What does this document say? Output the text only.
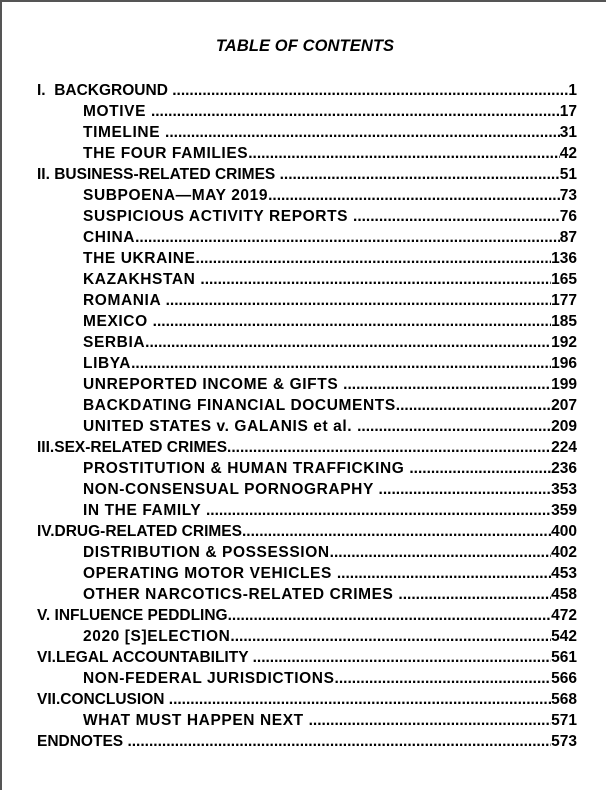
TABLE OF CONTENTS
I.  BACKGROUND .....	1
MOTIVE .....	17
TIMELINE .....	31
THE FOUR FAMILIES .....	42
II. BUSINESS-RELATED CRIMES .....	51
SUBPOENA—MAY 2019 .....	73
SUSPICIOUS ACTIVITY REPORTS .....	76
CHINA .....	87
THE UKRAINE .....	136
KAZAKHSTAN .....	165
ROMANIA .....	177
MEXICO .....	185
SERBIA .....	192
LIBYA .....	196
UNREPORTED INCOME & GIFTS .....	199
BACKDATING FINANCIAL DOCUMENTS .....	207
UNITED STATES v. GALANIS et al. .....	209
III.SEX-RELATED CRIMES .....	224
PROSTITUTION & HUMAN TRAFFICKING .....	236
NON-CONSENSUAL PORNOGRAPHY .....	353
IN THE FAMILY .....	359
IV.DRUG-RELATED CRIMES .....	400
DISTRIBUTION & POSSESSION .....	402
OPERATING MOTOR VEHICLES .....	453
OTHER NARCOTICS-RELATED CRIMES .....	458
V. INFLUENCE PEDDLING .....	472
2020 [S]ELECTION .....	542
VI.LEGAL ACCOUNTABILITY .....	561
NON-FEDERAL JURISDICTIONS .....	566
VII.CONCLUSION .....	568
WHAT MUST HAPPEN NEXT .....	571
ENDNOTES .....	573
